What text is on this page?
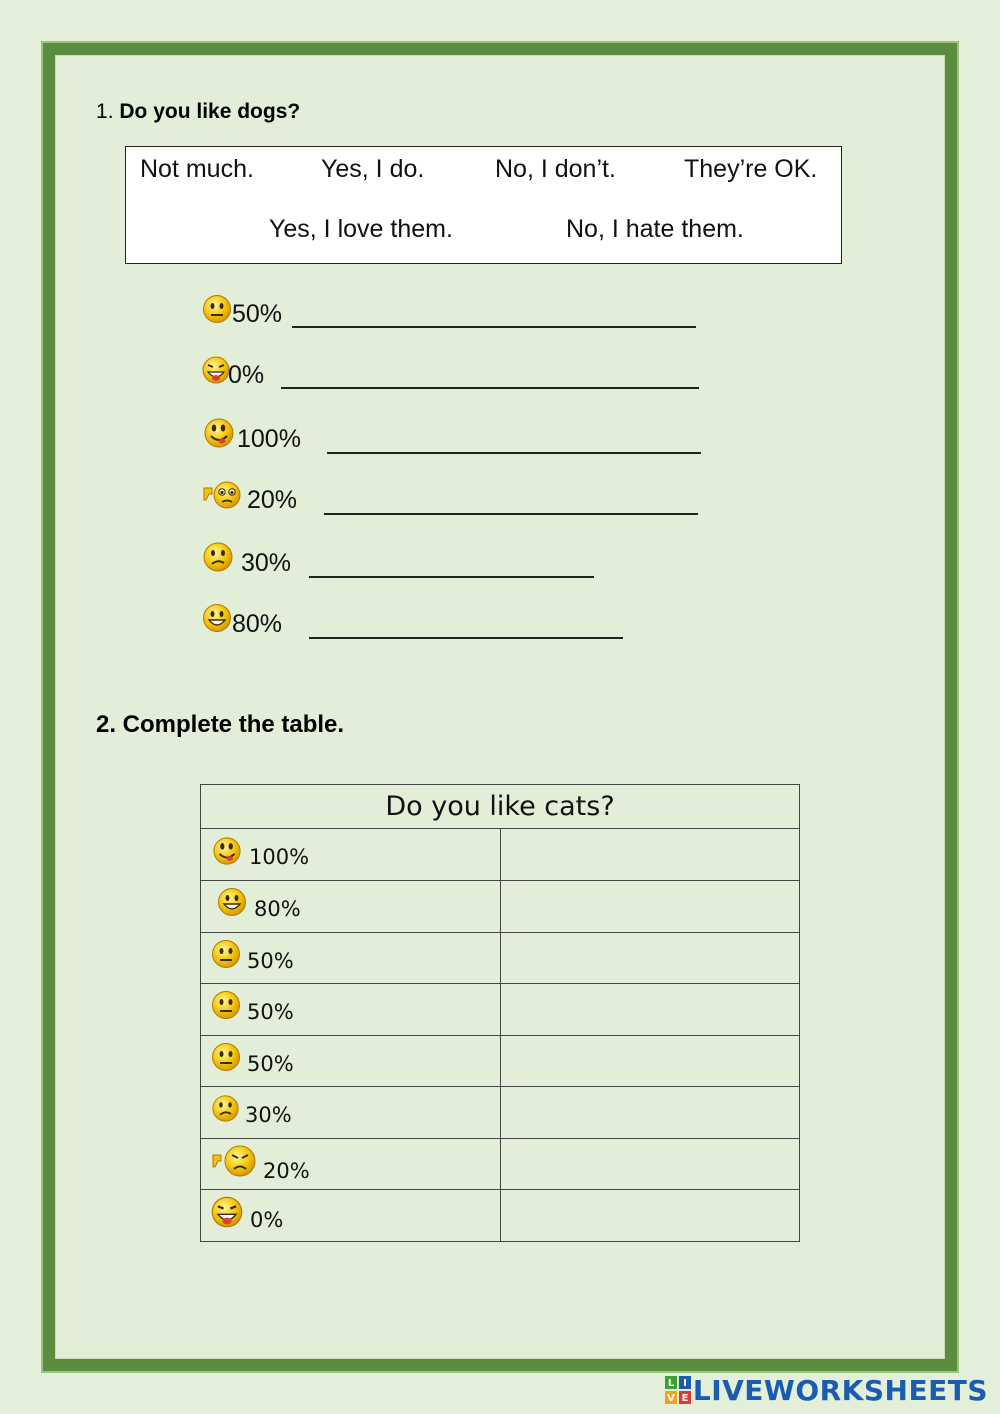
1. Do you like dogs?
Not much.	Yes, I do.	No, I don’t.	They’re OK.
Yes, I love them.	No, I hate them.
50%
0%
100%
20%
30%
80%
2. Complete the table.
Do you like cats?	

100%	

80%	

50%	

50%	

50%	

30%	

20%	

0%	

L I
V E LIVEWORKSHEETS
